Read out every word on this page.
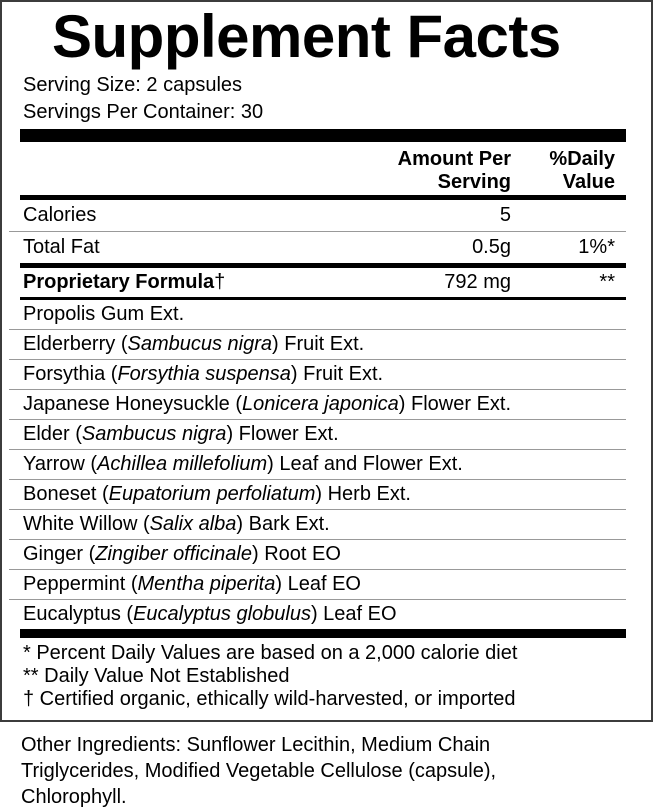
Supplement Facts
Serving Size: 2 capsules
Servings Per Container: 30
Amount Per
Serving
%Daily
Value
Calories	5
Total Fat	0.5g	1%*
Proprietary Formula†	792 mg	**
Propolis Gum Ext.
Elderberry (Sambucus nigra) Fruit Ext.
Forsythia (Forsythia suspensa) Fruit Ext.
Japanese Honeysuckle (Lonicera japonica) Flower Ext.
Elder (Sambucus nigra) Flower Ext.
Yarrow (Achillea millefolium) Leaf and Flower Ext.
Boneset (Eupatorium perfoliatum) Herb Ext.
White Willow (Salix alba) Bark Ext.
Ginger (Zingiber officinale) Root EO
Peppermint (Mentha piperita) Leaf EO
Eucalyptus (Eucalyptus globulus) Leaf EO
* Percent Daily Values are based on a 2,000 calorie diet
** Daily Value Not Established
† Certified organic, ethically wild-harvested, or imported
Other Ingredients: Sunflower Lecithin, Medium Chain Triglycerides, Modified Vegetable Cellulose (capsule), Chlorophyll.
